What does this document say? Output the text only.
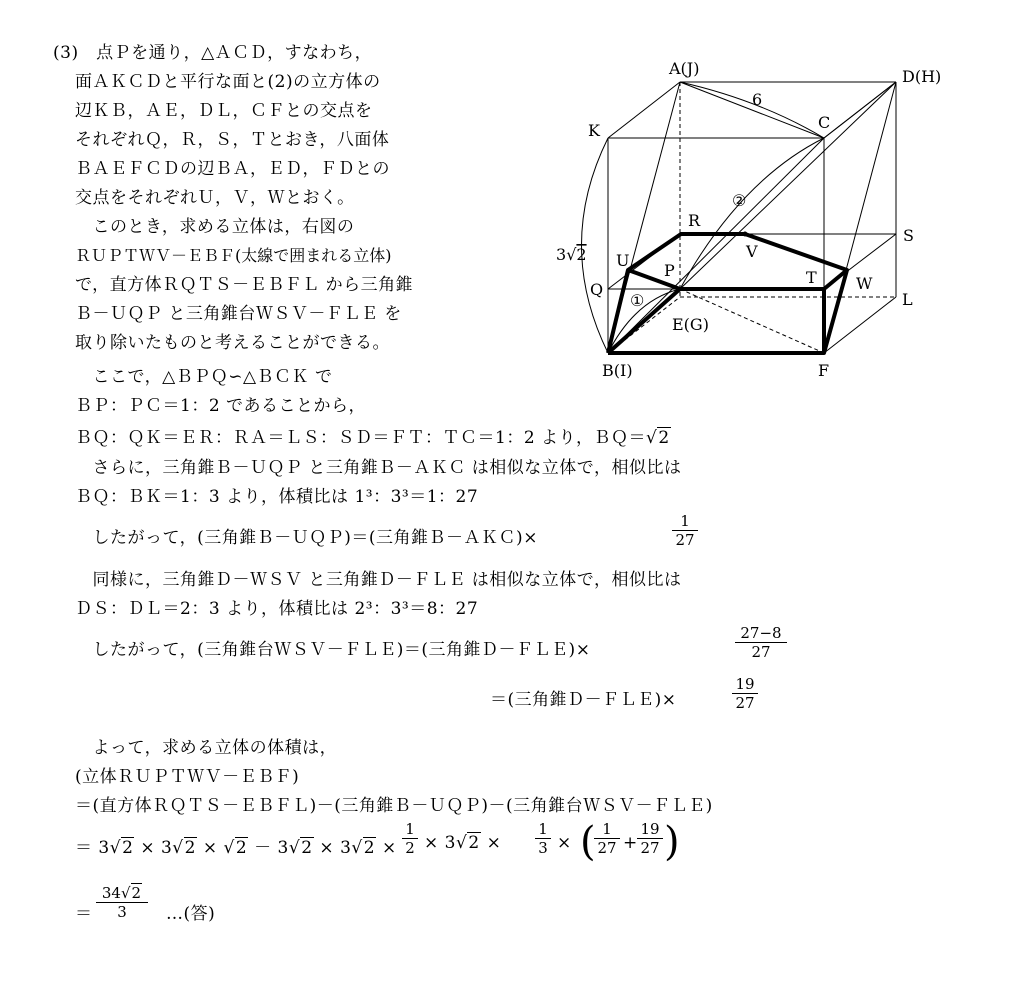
(3)　点Ｐを通り，△ＡＣＤ，すなわち，
面ＡＫＣＤと平行な面と(2)の立方体の
辺ＫＢ，ＡＥ，ＤＬ，ＣＦとの交点を
それぞれＱ，Ｒ，Ｓ，Ｔとおき，八面体
ＢＡＥＦＣＤの辺ＢＡ，ＥＤ，ＦＤとの
交点をそれぞれＵ，Ｖ，Ｗとおく。
　このとき，求める立体は，右図の
ＲＵＰＴＷＶ－ＥＢＦ(太線で囲まれる立体)
で，直方体ＲＱＴＳ－ＥＢＦＬ から三角錐
Ｂ－ＵＱＰ と三角錐台ＷＳＶ－ＦＬＥ を
取り除いたものと考えることができる。
　ここで，△ＢＰＱ∽△ＢＣＫ で
ＢＰ：ＰＣ＝1：2 であることから，
ＢＱ：ＱＫ＝ＥＲ：ＲＡ＝ＬＳ：ＳＤ＝ＦＴ：ＴＣ＝1：2 より，ＢＱ＝√2
　さらに，三角錐Ｂ－ＵＱＰ と三角錐Ｂ－ＡＫＣ は相似な立体で，相似比は
ＢＱ：ＢＫ＝1：3 より，体積比は 1³：3³＝1：27
　したがって，(三角錐Ｂ－ＵＱＰ)＝(三角錐Ｂ－ＡＫＣ)×	$\frac{1}{27}$
　同様に，三角錐Ｄ－ＷＳＶ と三角錐Ｄ－ＦＬＥ は相似な立体で，相似比は
ＤＳ：ＤＬ＝2：3 より，体積比は 2³：3³＝8：27
　したがって，(三角錐台ＷＳＶ－ＦＬＥ)＝(三角錐Ｄ－ＦＬＥ)×	$\frac{27-8}{27}$
＝(三角錐Ｄ－ＦＬＥ)×	$\frac{19}{27}$
　よって，求める立体の体積は，
(立体ＲＵＰＴＷＶ－ＥＢＦ)
＝(直方体ＲＱＴＳ－ＥＢＦＬ)－(三角錐Ｂ－ＵＱＰ)－(三角錐台ＷＳＶ－ＦＬＥ)
＝ $3√2 \times 3√2 \times √2 - 3√2 \times 3√2 \times \frac{1}{2} \times 3√2 \times \frac{1}{3}$ × (
$\frac{1}{27} + \frac{19}{27}$ )
＝ $\frac{34√2}{3}$ …(答)
A(J)	D(H)
K	C
6
②
R
S
V
3√2 U
P	T W
Q
①	L
E(G)
B(I)	F
